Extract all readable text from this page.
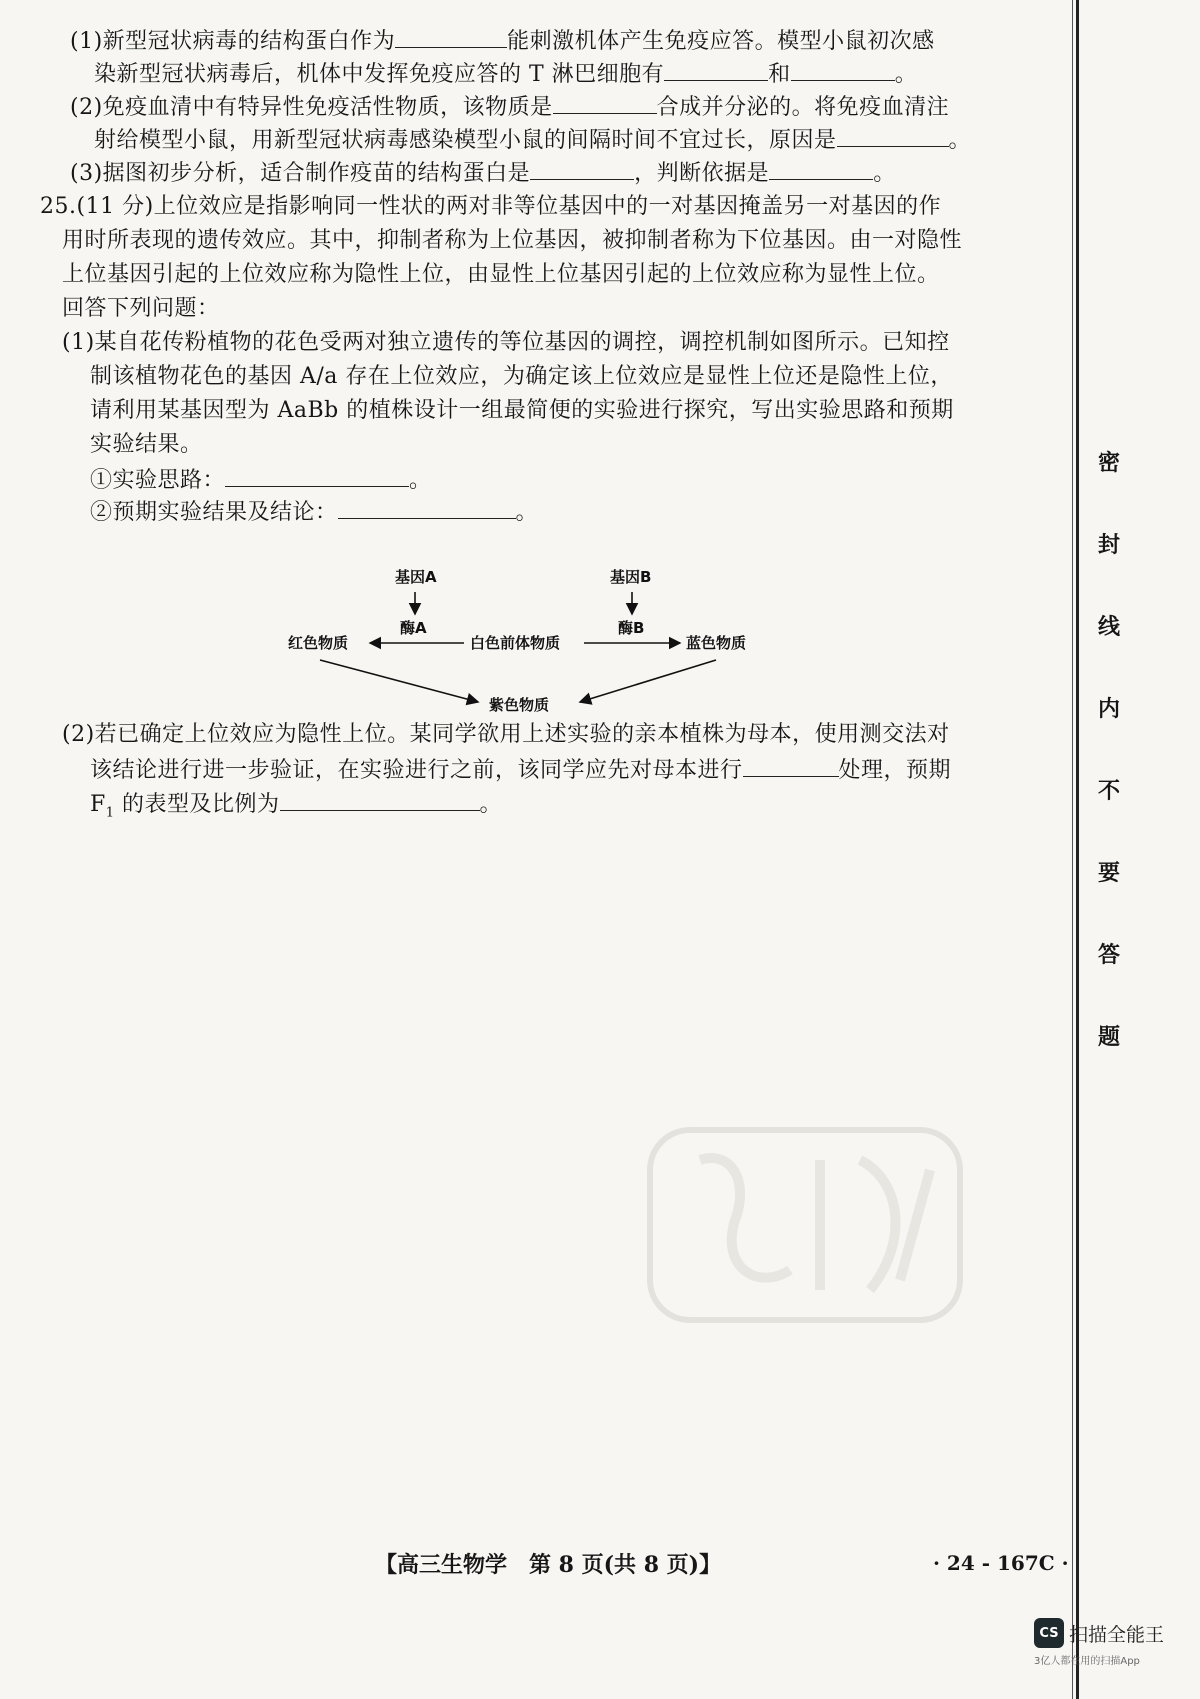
(1)新型冠状病毒的结构蛋白作为	能刺激机体产生免疫应答。模型小鼠初次感
染新型冠状病毒后，机体中发挥免疫应答的 T 淋巴细胞有	和	。
(2)免疫血清中有特异性免疫活性物质，该物质是	合成并分泌的。将免疫血清注
射给模型小鼠，用新型冠状病毒感染模型小鼠的间隔时间不宜过长，原因是	。
(3)据图初步分析，适合制作疫苗的结构蛋白是	，判断依据是	。
25.(11 分)上位效应是指影响同一性状的两对非等位基因中的一对基因掩盖另一对基因的作
用时所表现的遗传效应。其中，抑制者称为上位基因，被抑制者称为下位基因。由一对隐性
上位基因引起的上位效应称为隐性上位，由显性上位基因引起的上位效应称为显性上位。
回答下列问题：
(1)某自花传粉植物的花色受两对独立遗传的等位基因的调控，调控机制如图所示。已知控
制该植物花色的基因 A/a 存在上位效应，为确定该上位效应是显性上位还是隐性上位，
请利用某基因型为 AaBb 的植株设计一组最简便的实验进行探究，写出实验思路和预期
实验结果。
①实验思路：	。
②预期实验结果及结论：	。
基因A	基因B
酶A	酶B
红色物质	白色前体物质	蓝色物质
紫色物质
(2)若已确定上位效应为隐性上位。某同学欲用上述实验的亲本植株为母本，使用测交法对
该结论进行进一步验证，在实验进行之前，该同学应先对母本进行	处理，预期
$F_1$ 的表型及比例为	。
密
封
线
内
不
要
答
题
【高三生物学　第 8 页(共 8 页)】	· 24 - 167C ·
CS 扫描全能王
3亿人都在用的扫描App
